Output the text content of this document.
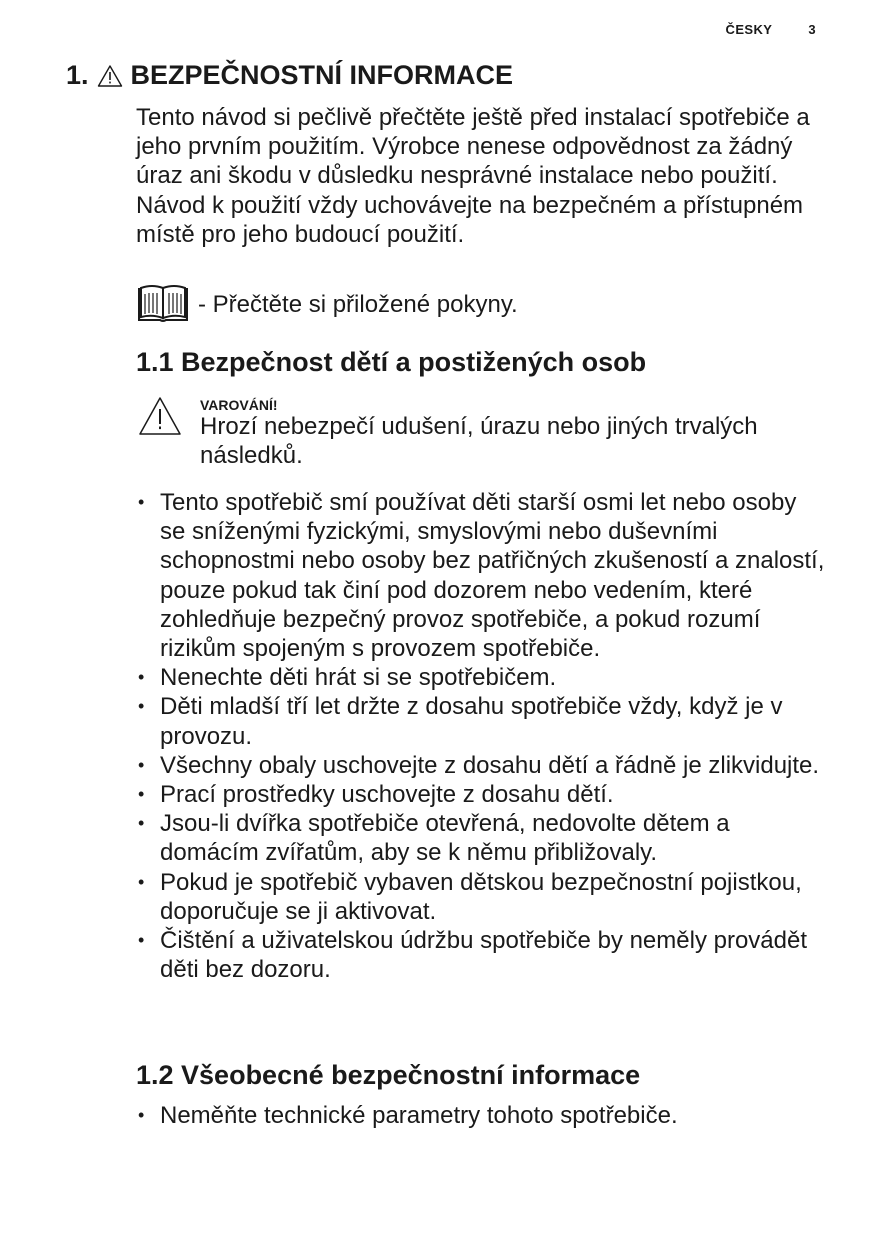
ČESKY	3
1. BEZPEČNOSTNÍ INFORMACE
Tento návod si pečlivě přečtěte ještě před instalací spotřebiče a jeho prvním použitím. Výrobce nenese odpovědnost za žádný úraz ani škodu v důsledku nesprávné instalace nebo použití. Návod k použití vždy uchovávejte na bezpečném a přístupném místě pro jeho budoucí použití.
- Přečtěte si přiložené pokyny.
1.1 Bezpečnost dětí a postižených osob
VAROVÁNÍ!
Hrozí nebezpečí udušení, úrazu nebo jiných trvalých následků.
• Tento spotřebič smí používat děti starší osmi let nebo osoby se sníženými fyzickými, smyslovými nebo duševními schopnostmi nebo osoby bez patřičných zkušeností a znalostí, pouze pokud tak činí pod dozorem nebo vedením, které zohledňuje bezpečný provoz spotřebiče, a pokud rozumí rizikům spojeným s provozem spotřebiče.
• Nenechte děti hrát si se spotřebičem.
• Děti mladší tří let držte z dosahu spotřebiče vždy, když je v provozu.
• Všechny obaly uschovejte z dosahu dětí a řádně je zlikvidujte.
• Prací prostředky uschovejte z dosahu dětí.
• Jsou-li dvířka spotřebiče otevřená, nedovolte dětem a domácím zvířatům, aby se k němu přibližovaly.
• Pokud je spotřebič vybaven dětskou bezpečnostní pojistkou, doporučuje se ji aktivovat.
• Čištění a uživatelskou údržbu spotřebiče by neměly provádět děti bez dozoru.
1.2 Všeobecné bezpečnostní informace
• Neměňte technické parametry tohoto spotřebiče.
